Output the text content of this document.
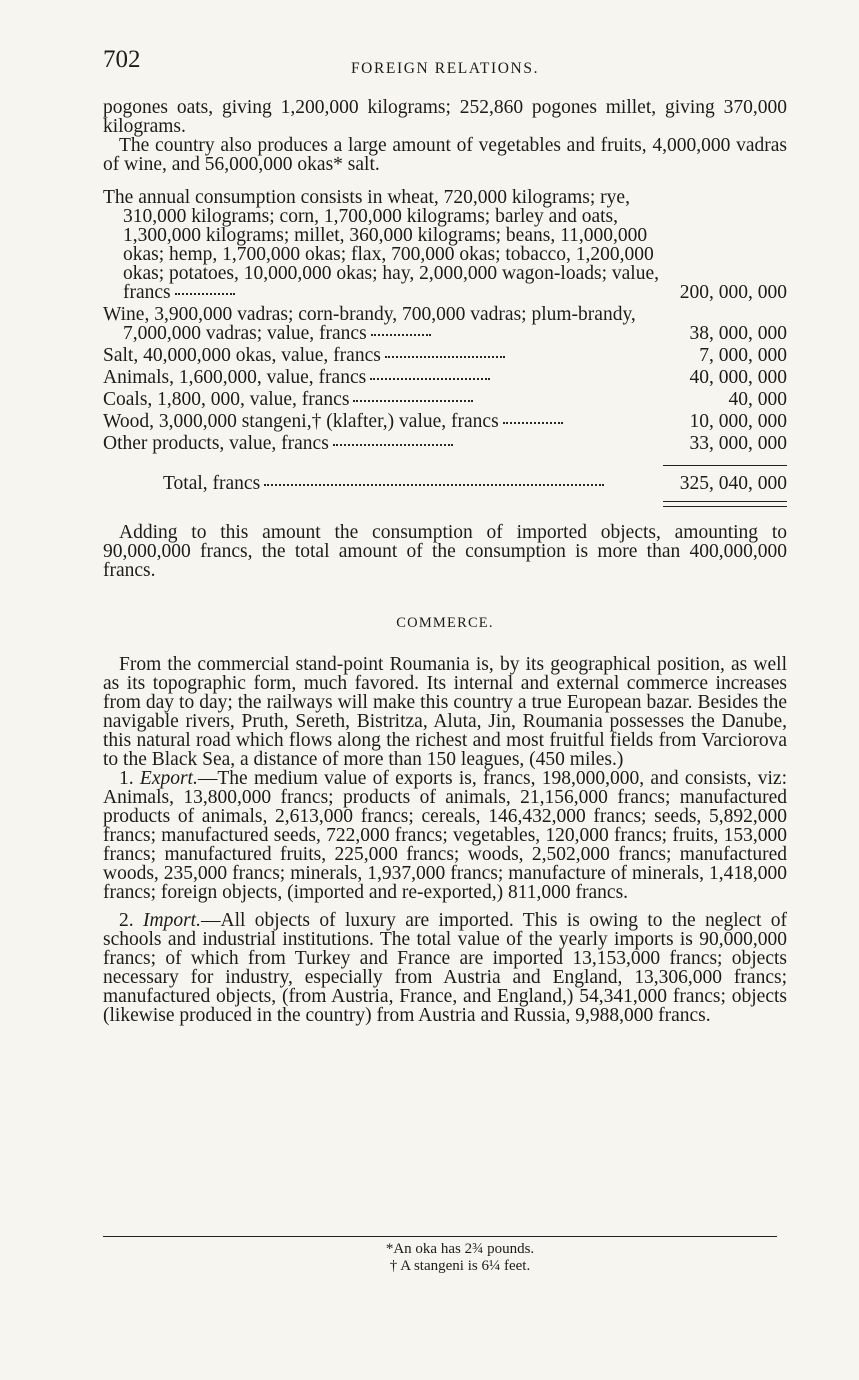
702	FOREIGN RELATIONS.

pogones oats, giving 1,200,000 kilograms; 252,860 pogones millet, giving 370,000 kilograms.

The country also produces a large amount of vegetables and fruits, 4,000,000 vadras of wine, and 56,000,000 okas* salt.

The annual consumption consists in wheat, 720,000 kilograms; rye, 310,000 kilograms; corn, 1,700,000 kilograms; barley and oats, 1,300,000 kilograms; millet, 360,000 kilograms; beans, 11,000,000 okas; hemp, 1,700,000 okas; flax, 700,000 okas; tobacco, 1,200,000 okas; potatoes, 10,000,000 okas; hay, 2,000,000 wagon-loads; value, francs	200, 000, 000
Wine, 3,900,000 vadras; corn-brandy, 700,000 vadras; plum-brandy, 7,000,000 vadras; value, francs	38, 000, 000
Salt, 40,000,000 okas, value, francs	7, 000, 000
Animals, 1,600,000, value, francs	40, 000, 000
Coals, 1,800, 000, value, francs	40, 000
Wood, 3,000,000 stangeni,† (klafter,) value, francs	10, 000, 000
Other products, value, francs	33, 000, 000
Total, francs	325, 040, 000

Adding to this amount the consumption of imported objects, amounting to 90,000,000 francs, the total amount of the consumption is more than 400,000,000 francs.

COMMERCE.

From the commercial stand-point Roumania is, by its geographical position, as well as its topographic form, much favored. Its internal and external commerce increases from day to day; the railways will make this country a true European bazar. Besides the navigable rivers, Pruth, Sereth, Bistritza, Aluta, Jin, Roumania possesses the Danube, this natural road which flows along the richest and most fruitful fields from Varciorova to the Black Sea, a distance of more than 150 leagues, (450 miles.)

1. Export.—The medium value of exports is, francs, 198,000,000, and consists, viz: Animals, 13,800,000 francs; products of animals, 21,156,000 francs; manufactured products of animals, 2,613,000 francs; cereals, 146,432,000 francs; seeds, 5,892,000 francs; manufactured seeds, 722,000 francs; vegetables, 120,000 francs; fruits, 153,000 francs; manufactured fruits, 225,000 francs; woods, 2,502,000 francs; manufactured woods, 235,000 francs; minerals, 1,937,000 francs; manufacture of minerals, 1,418,000 francs; foreign objects, (imported and re-exported,) 811,000 francs.

2. Import.—All objects of luxury are imported. This is owing to the neglect of schools and industrial institutions. The total value of the yearly imports is 90,000,000 francs; of which from Turkey and France are imported 13,153,000 francs; objects necessary for industry, especially from Austria and England, 13,306,000 francs; manufactured objects, (from Austria, France, and England,) 54,341,000 francs; objects (likewise produced in the country) from Austria and Russia, 9,988,000 francs.

*An oka has 2¾ pounds.
† A stangeni is 6¼ feet.
